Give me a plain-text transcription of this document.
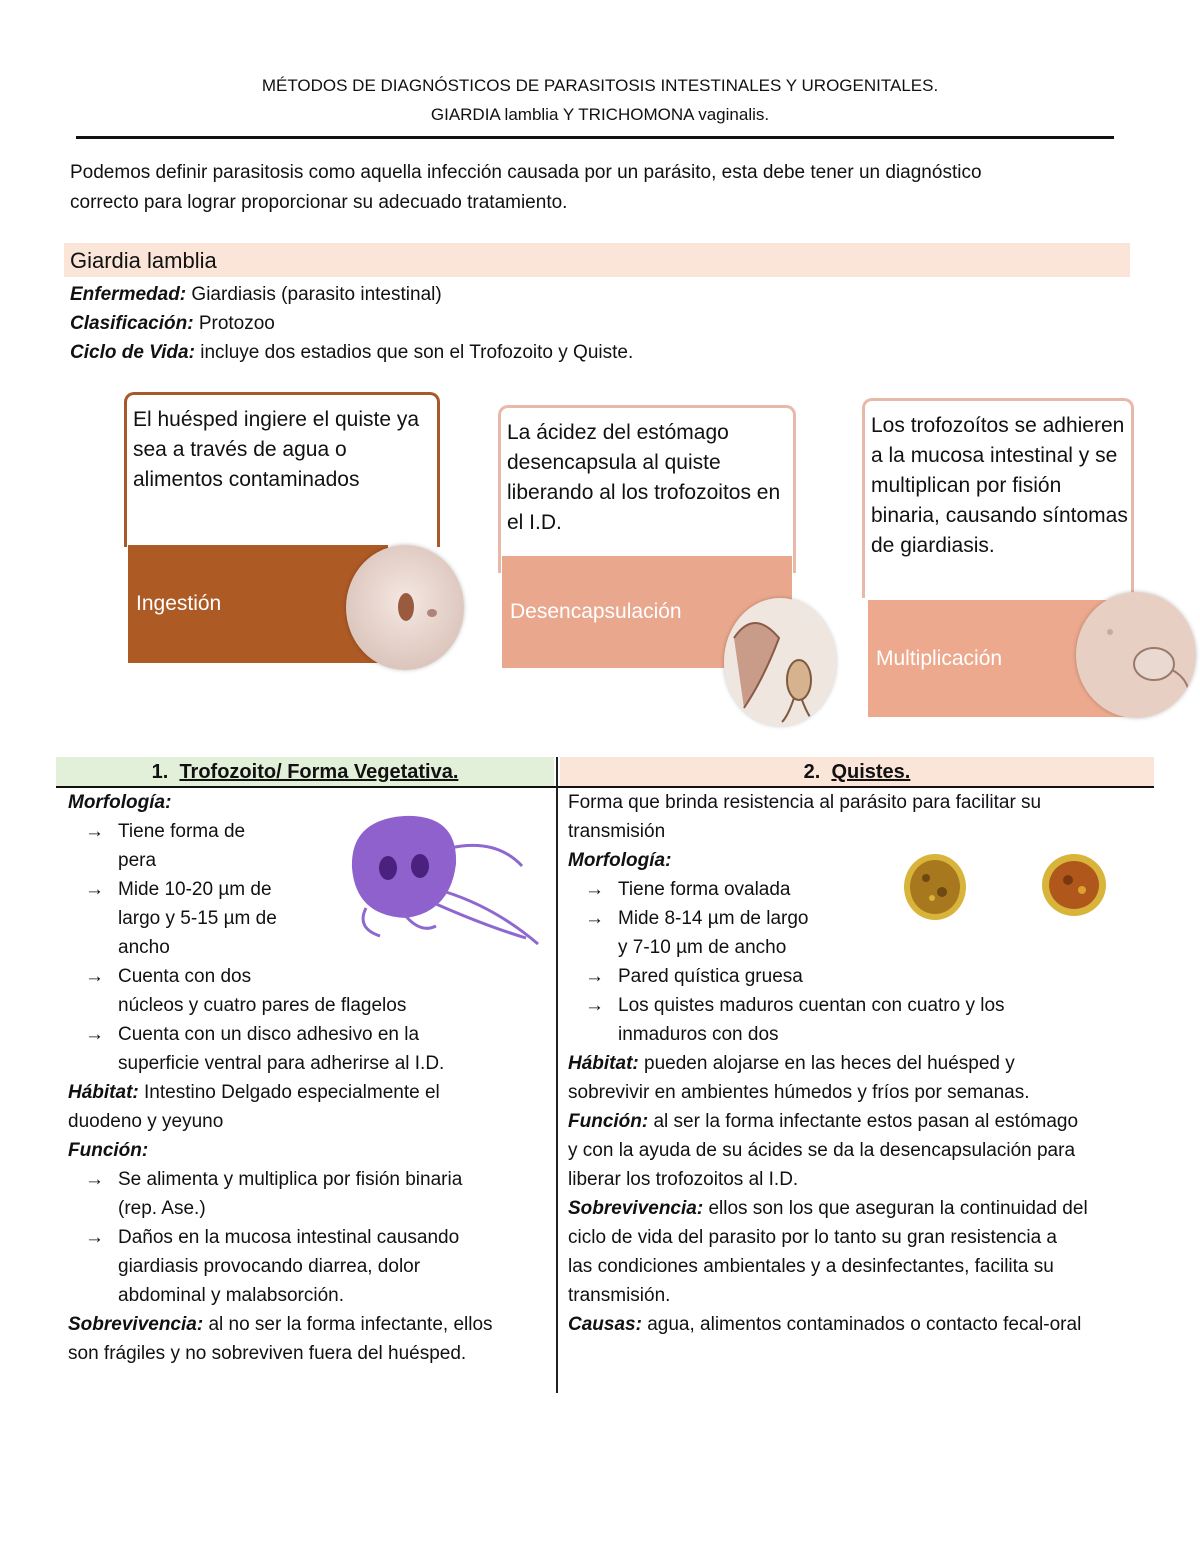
MÉTODOS DE DIAGNÓSTICOS DE PARASITOSIS INTESTINALES Y UROGENITALES.
GIARDIA lamblia Y TRICHOMONA vaginalis.
Podemos definir parasitosis como aquella infección causada por un parásito, esta debe tener un diagnóstico
correcto para lograr proporcionar su adecuado tratamiento.
Giardia lamblia
Enfermedad: Giardiasis (parasito intestinal)
Clasificación: Protozoo
Ciclo de Vida: incluye dos estadios que son el Trofozoito y Quiste.
El huésped ingiere el quiste ya sea a través de agua o alimentos contaminados
Ingestión
La ácidez del estómago desencapsula al quiste liberando al los trofozoitos en el I.D.
Desencapsulación
Los trofozoítos se adhieren a la mucosa intestinal y se multiplican por fisión binaria, causando síntomas de giardiasis.
Multiplicación
1. Trofozoito/ Forma Vegetativa.	2. Quistes.
Morfología:
→ Tiene forma de
pera
→ Mide 10-20 µm de
largo y 5-15 µm de
ancho
→ Cuenta con dos
núcleos y cuatro pares de flagelos
→ Cuenta con un disco adhesivo en la
superficie ventral para adherirse al I.D.
Hábitat: Intestino Delgado especialmente el
duodeno y yeyuno
Función:
→ Se alimenta y multiplica por fisión binaria
(rep. Ase.)
→ Daños en la mucosa intestinal causando
giardiasis provocando diarrea, dolor
abdominal y malabsorción.
Sobrevivencia: al no ser la forma infectante, ellos
son frágiles y no sobreviven fuera del huésped.
Forma que brinda resistencia al parásito para facilitar su
transmisión
Morfología:
→ Tiene forma ovalada
→ Mide 8-14 µm de largo
y 7-10 µm de ancho
→ Pared quística gruesa
→ Los quistes maduros cuentan con cuatro y los
inmaduros con dos
Hábitat: pueden alojarse en las heces del huésped y
sobrevivir en ambientes húmedos y fríos por semanas.
Función: al ser la forma infectante estos pasan al estómago
y con la ayuda de su ácides se da la desencapsulación para
liberar los trofozoitos al I.D.
Sobrevivencia: ellos son los que aseguran la continuidad del
ciclo de vida del parasito por lo tanto su gran resistencia a
las condiciones ambientales y a desinfectantes, facilita su
transmisión.
Causas: agua, alimentos contaminados o contacto fecal-oral
